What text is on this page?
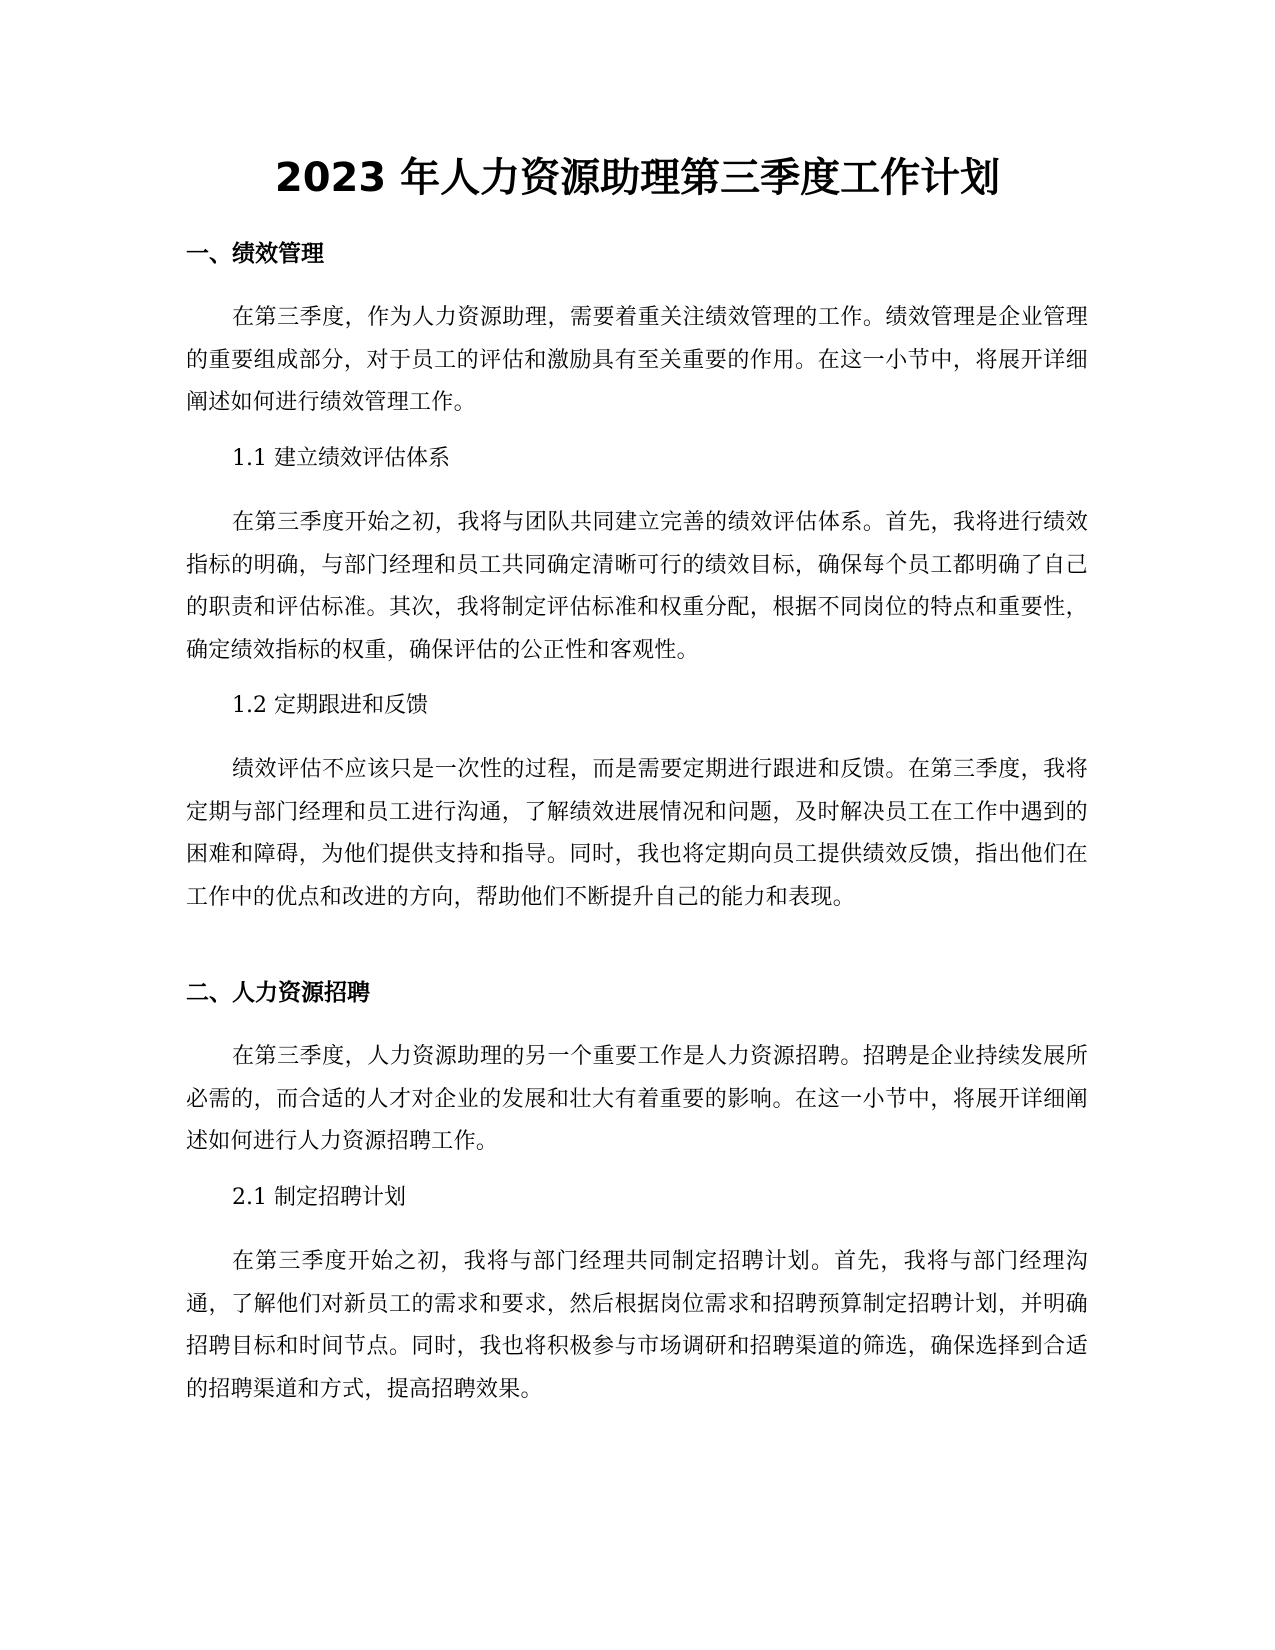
2023 年人力资源助理第三季度工作计划
一、绩效管理
在第三季度，作为人力资源助理，需要着重关注绩效管理的工作。绩效管理是企业管理的重要组成部分，对于员工的评估和激励具有至关重要的作用。在这一小节中，将展开详细阐述如何进行绩效管理工作。
1.1 建立绩效评估体系
在第三季度开始之初，我将与团队共同建立完善的绩效评估体系。首先，我将进行绩效指标的明确，与部门经理和员工共同确定清晰可行的绩效目标，确保每个员工都明确了自己的职责和评估标准。其次，我将制定评估标准和权重分配，根据不同岗位的特点和重要性，确定绩效指标的权重，确保评估的公正性和客观性。
1.2 定期跟进和反馈
绩效评估不应该只是一次性的过程，而是需要定期进行跟进和反馈。在第三季度，我将定期与部门经理和员工进行沟通，了解绩效进展情况和问题，及时解决员工在工作中遇到的困难和障碍，为他们提供支持和指导。同时，我也将定期向员工提供绩效反馈，指出他们在工作中的优点和改进的方向，帮助他们不断提升自己的能力和表现。
二、人力资源招聘
在第三季度，人力资源助理的另一个重要工作是人力资源招聘。招聘是企业持续发展所必需的，而合适的人才对企业的发展和壮大有着重要的影响。在这一小节中，将展开详细阐述如何进行人力资源招聘工作。
2.1 制定招聘计划
在第三季度开始之初，我将与部门经理共同制定招聘计划。首先，我将与部门经理沟通，了解他们对新员工的需求和要求，然后根据岗位需求和招聘预算制定招聘计划，并明确招聘目标和时间节点。同时，我也将积极参与市场调研和招聘渠道的筛选，确保选择到合适的招聘渠道和方式，提高招聘效果。
